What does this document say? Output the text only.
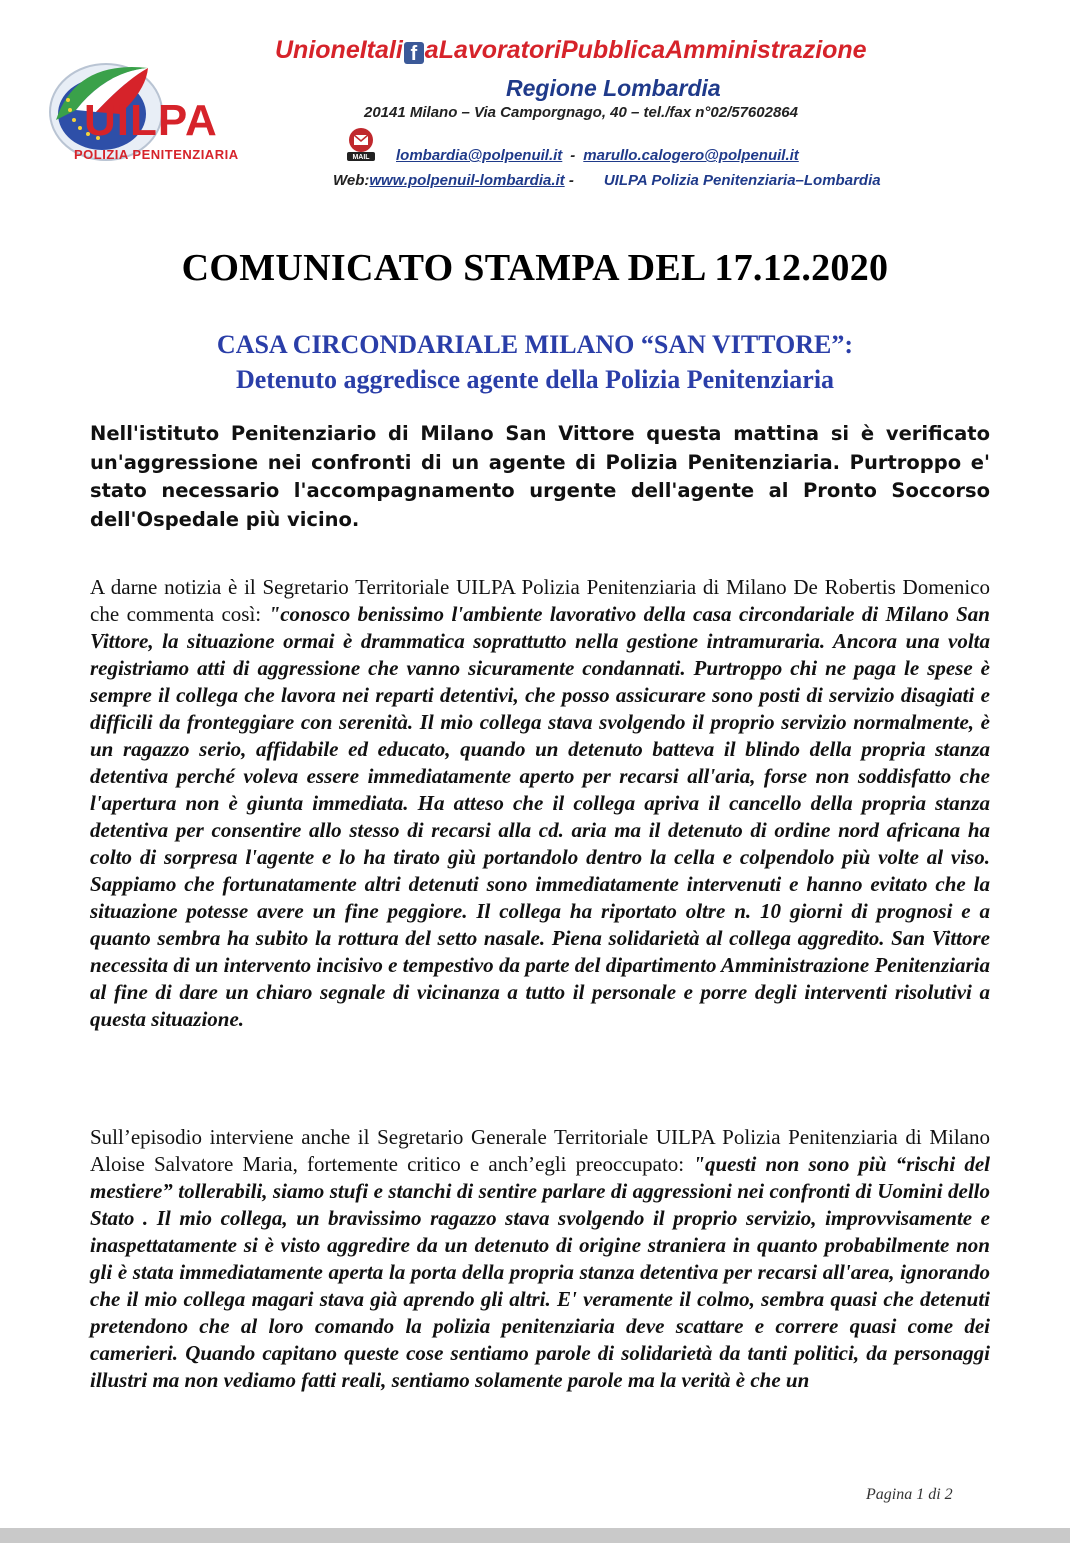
UILPA
POLIZIA PENITENZIARIA
UnioneItali f aLavoratoriPubblicaAmministrazione
Regione Lombardia
20141 Milano – Via Camporgnago, 40 – tel./fax n°02/57602864
MAIL lombardia@polpenuil.it - marullo.calogero@polpenuil.it
Web:www.polpenuil-lombardia.it - UILPA Polizia Penitenziaria–Lombardia
COMUNICATO STAMPA DEL 17.12.2020
CASA CIRCONDARIALE MILANO “SAN VITTORE”:
Detenuto aggredisce agente della Polizia Penitenziaria
Nell'istituto Penitenziario di Milano San Vittore questa mattina si è verificato un'aggressione nei confronti di un agente di Polizia Penitenziaria. Purtroppo e' stato necessario l'accompagnamento urgente dell'agente al Pronto Soccorso dell'Ospedale più vicino.
A darne notizia è il Segretario Territoriale UILPA Polizia Penitenziaria di Milano De Robertis Domenico che commenta così: "conosco benissimo l'ambiente lavorativo della casa circondariale di Milano San Vittore, la situazione ormai è drammatica soprattutto nella gestione intramuraria. Ancora una volta registriamo atti di aggressione che vanno sicuramente condannati. Purtroppo chi ne paga le spese è sempre il collega che lavora nei reparti detentivi, che posso assicurare sono posti di servizio disagiati e difficili da fronteggiare con serenità. Il mio collega stava svolgendo il proprio servizio normalmente, è un ragazzo serio, affidabile ed educato, quando un detenuto batteva il blindo della propria stanza detentiva perché voleva essere immediatamente aperto per recarsi all'aria, forse non soddisfatto che l'apertura non è giunta immediata. Ha atteso che il collega apriva il cancello della propria stanza detentiva per consentire allo stesso di recarsi alla cd. aria ma il detenuto di ordine nord africana ha colto di sorpresa l'agente e lo ha tirato giù portandolo dentro la cella e colpendolo più volte al viso. Sappiamo che fortunatamente altri detenuti sono immediatamente intervenuti e hanno evitato che la situazione potesse avere un fine peggiore. Il collega ha riportato oltre n. 10 giorni di prognosi e a quanto sembra ha subito la rottura del setto nasale. Piena solidarietà al collega aggredito. San Vittore necessita di un intervento incisivo e tempestivo da parte del dipartimento Amministrazione Penitenziaria al fine di dare un chiaro segnale di vicinanza a tutto il personale e porre degli interventi risolutivi a questa situazione.
Sull’episodio interviene anche il Segretario Generale Territoriale UILPA Polizia Penitenziaria di Milano Aloise Salvatore Maria, fortemente critico e anch’egli preoccupato: "questi non sono più “rischi del mestiere” tollerabili, siamo stufi e stanchi di sentire parlare di aggressioni nei confronti di Uomini dello Stato . Il mio collega, un bravissimo ragazzo stava svolgendo il proprio servizio, improvvisamente e inaspettatamente si è visto aggredire da un detenuto di origine straniera in quanto probabilmente non gli è stata immediatamente aperta la porta della propria stanza detentiva per recarsi all'area, ignorando che il mio collega magari stava già aprendo gli altri. E' veramente il colmo, sembra quasi che detenuti pretendono che al loro comando la polizia penitenziaria deve scattare e correre quasi come dei camerieri. Quando capitano queste cose sentiamo parole di solidarietà da tanti politici, da personaggi illustri ma non vediamo fatti reali, sentiamo solamente parole ma la verità è che un
Pagina 1 di 2
